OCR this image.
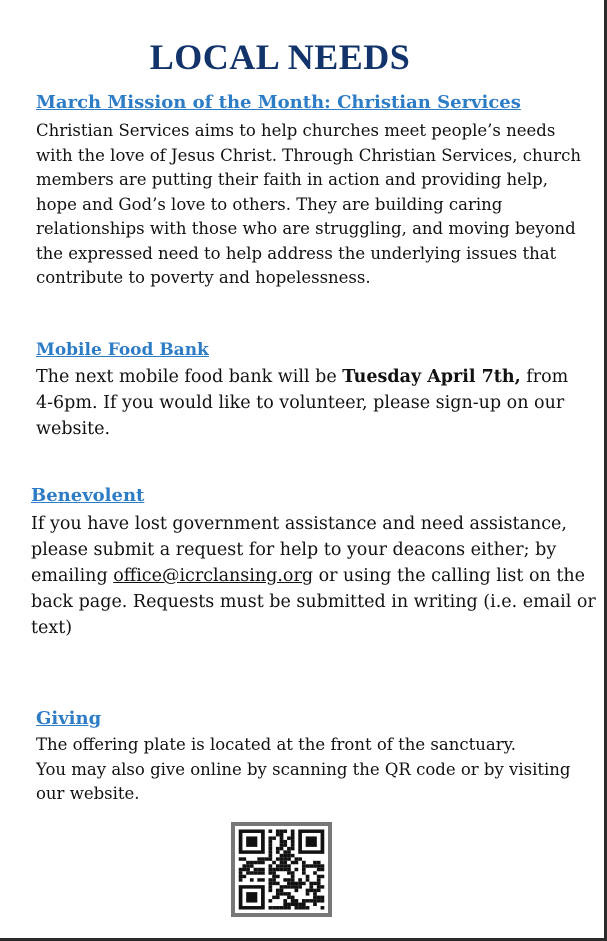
LOCAL NEEDS
March Mission of the Month: Christian Services
Christian Services aims to help churches meet people’s needs
with the love of Jesus Christ. Through Christian Services, church
members are putting their faith in action and providing help,
hope and God’s love to others. They are building caring
relationships with those who are struggling, and moving beyond
the expressed need to help address the underlying issues that
contribute to poverty and hopelessness.
Mobile Food Bank
The next mobile food bank will be Tuesday April 7th, from
4-6pm. If you would like to volunteer, please sign-up on our
website.
Benevolent
If you have lost government assistance and need assistance,
please submit a request for help to your deacons either; by
emailing office@icrclansing.org or using the calling list on the
back page. Requests must be submitted in writing (i.e. email or
text)
Giving
The offering plate is located at the front of the sanctuary.
You may also give online by scanning the QR code or by visiting
our website.
